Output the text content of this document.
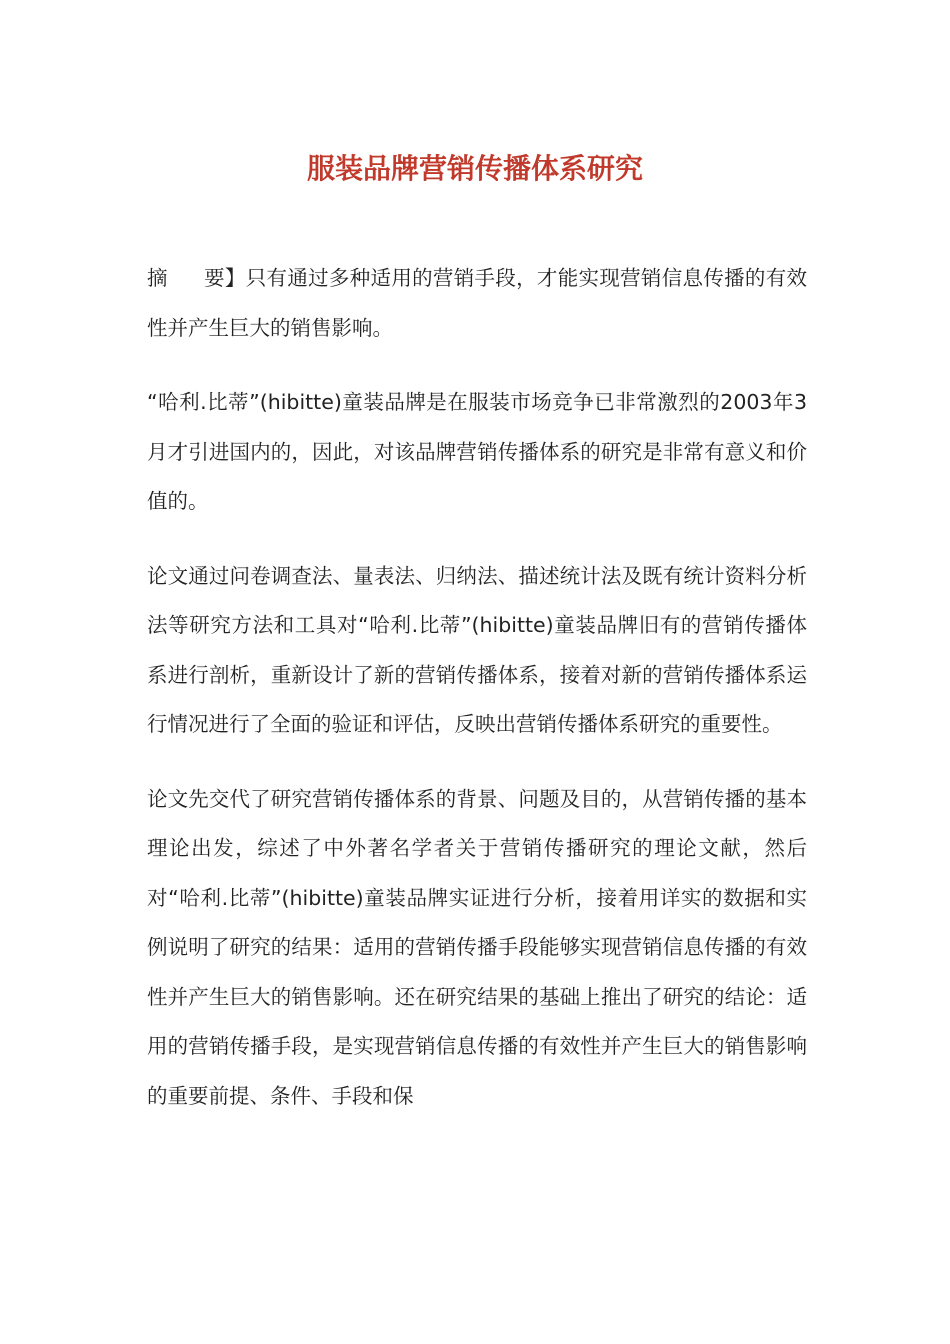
服装品牌营销传播体系研究

摘 要】只有通过多种适用的营销手段，才能实现营销信息传播的有效性并产生巨大的销售影响。

“哈利.比蒂”(hibitte)童装品牌是在服装市场竞争已非常激烈的2003年3月才引进国内的，因此，对该品牌营销传播体系的研究是非常有意义和价值的。

论文通过问卷调查法、量表法、归纳法、描述统计法及既有统计资料分析法等研究方法和工具对“哈利.比蒂”(hibitte)童装品牌旧有的营销传播体系进行剖析，重新设计了新的营销传播体系，接着对新的营销传播体系运行情况进行了全面的验证和评估，反映出营销传播体系研究的重要性。

论文先交代了研究营销传播体系的背景、问题及目的，从营销传播的基本理论出发，综述了中外著名学者关于营销传播研究的理论文献，然后对“哈利.比蒂”(hibitte)童装品牌实证进行分析，接着用详实的数据和实例说明了研究的结果：适用的营销传播手段能够实现营销信息传播的有效性并产生巨大的销售影响。还在研究结果的基础上推出了研究的结论：适用的营销传播手段，是实现营销信息传播的有效性并产生巨大的销售影响的重要前提、条件、手段和保
